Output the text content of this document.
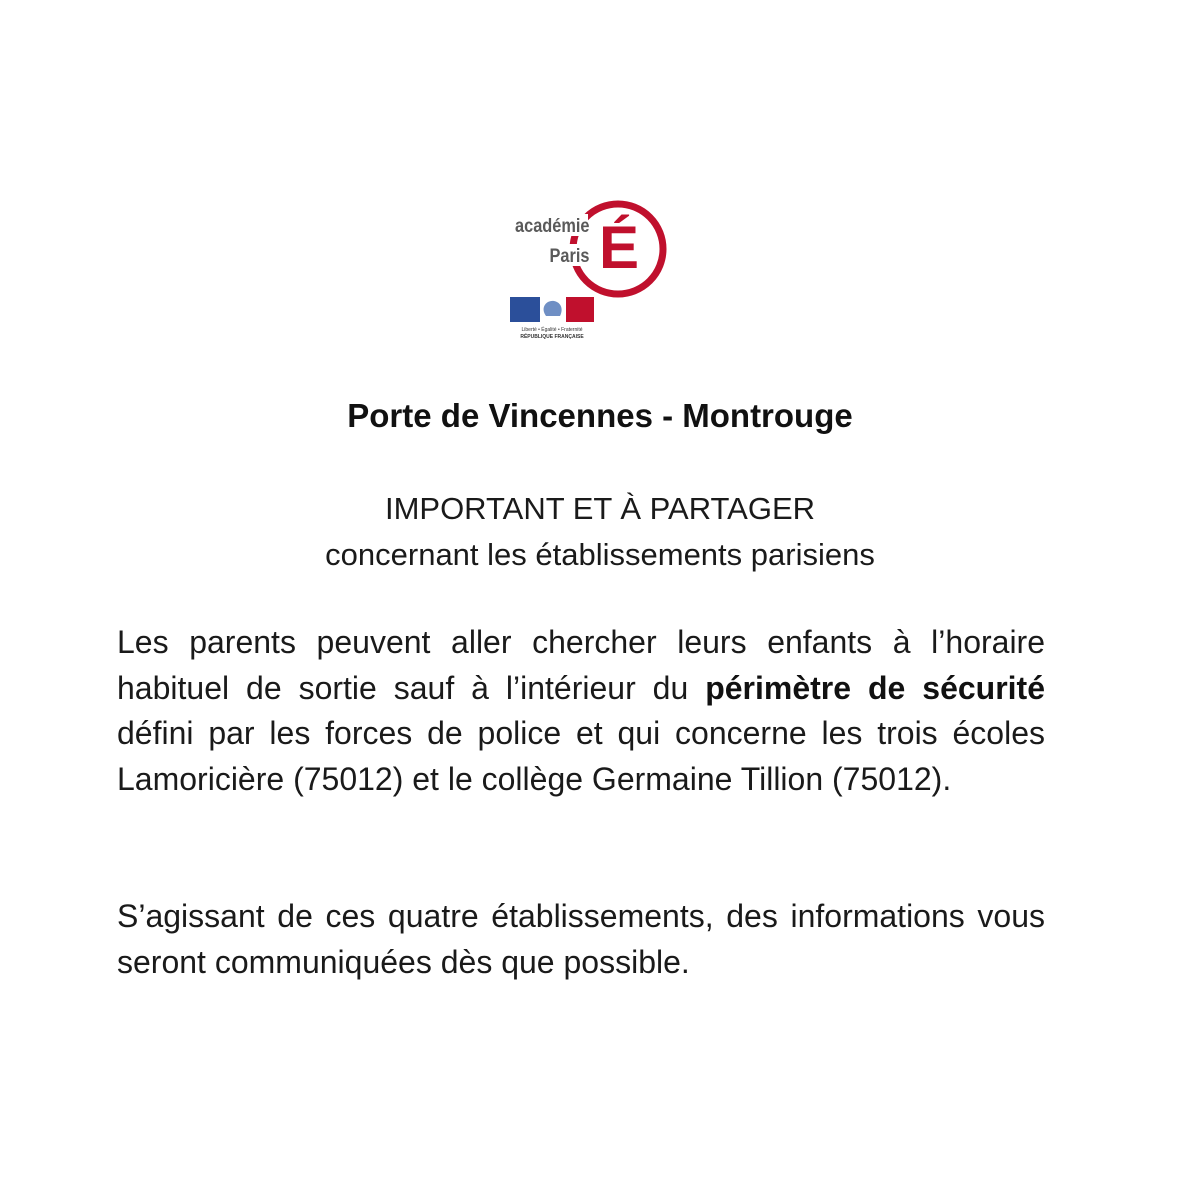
É
académie
Paris
Liberté • Égalité • Fraternité
RÉPUBLIQUE FRANÇAISE
Porte de Vincennes - Montrouge
IMPORTANT ET À PARTAGER
concernant les établissements parisiens
Les parents peuvent aller chercher leurs enfants à l’horaire habituel de sortie sauf à l’intérieur du périmètre de sécurité défini par les forces de police et qui concerne les trois écoles Lamoricière (75012) et le collège Germaine Tillion (75012).
S’agissant de ces quatre établissements, des informations vous seront communiquées dès que possible.
